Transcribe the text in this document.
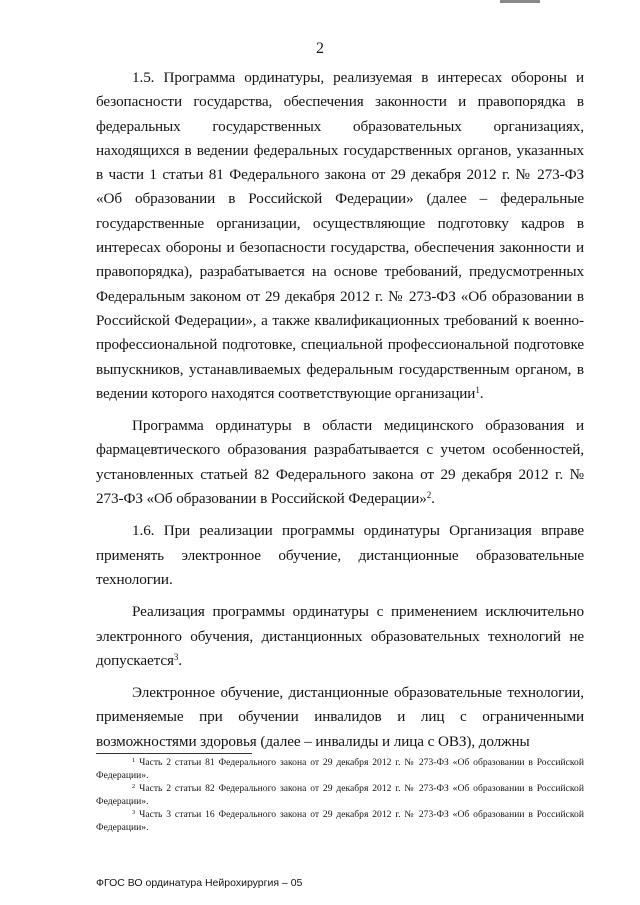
2

1.5. Программа ординатуры, реализуемая в интересах обороны и безопасности государства, обеспечения законности и правопорядка в федеральных государственных образовательных организациях, находящихся в ведении федеральных государственных органов, указанных в части 1 статьи 81 Федерального закона от 29 декабря 2012 г. № 273-ФЗ «Об образовании в Российской Федерации» (далее – федеральные государственные организации, осуществляющие подготовку кадров в интересах обороны и безопасности государства, обеспечения законности и правопорядка), разрабатывается на основе требований, предусмотренных Федеральным законом от 29 декабря 2012 г. № 273-ФЗ «Об образовании в Российской Федерации», а также квалификационных требований к военно-профессиональной подготовке, специальной профессиональной подготовке выпускников, устанавливаемых федеральным государственным органом, в ведении которого находятся соответствующие организации$^1$.

Программа ординатуры в области медицинского образования и фармацевтического образования разрабатывается с учетом особенностей, установленных статьей 82 Федерального закона от 29 декабря 2012 г. № 273-ФЗ «Об образовании в Российской Федерации»$^2$.

1.6. При реализации программы ординатуры Организация вправе применять электронное обучение, дистанционные образовательные технологии.

Реализация программы ординатуры с применением исключительно электронного обучения, дистанционных образовательных технологий не допускается$^3$.

Электронное обучение, дистанционные образовательные технологии, применяемые при обучении инвалидов и лиц с ограниченными возможностями здоровья (далее – инвалиды и лица с ОВЗ), должны

$^1$ Часть 2 статьи 81 Федерального закона от 29 декабря 2012 г. № 273-ФЗ «Об образовании в Российской Федерации».

$^2$ Часть 2 статьи 82 Федерального закона от 29 декабря 2012 г. № 273-ФЗ «Об образовании в Российской Федерации».

$^3$ Часть 3 статьи 16 Федерального закона от 29 декабря 2012 г. № 273-ФЗ «Об образовании в Российской Федерации».

ФГОС ВО ординатура Нейрохирургия – 05
